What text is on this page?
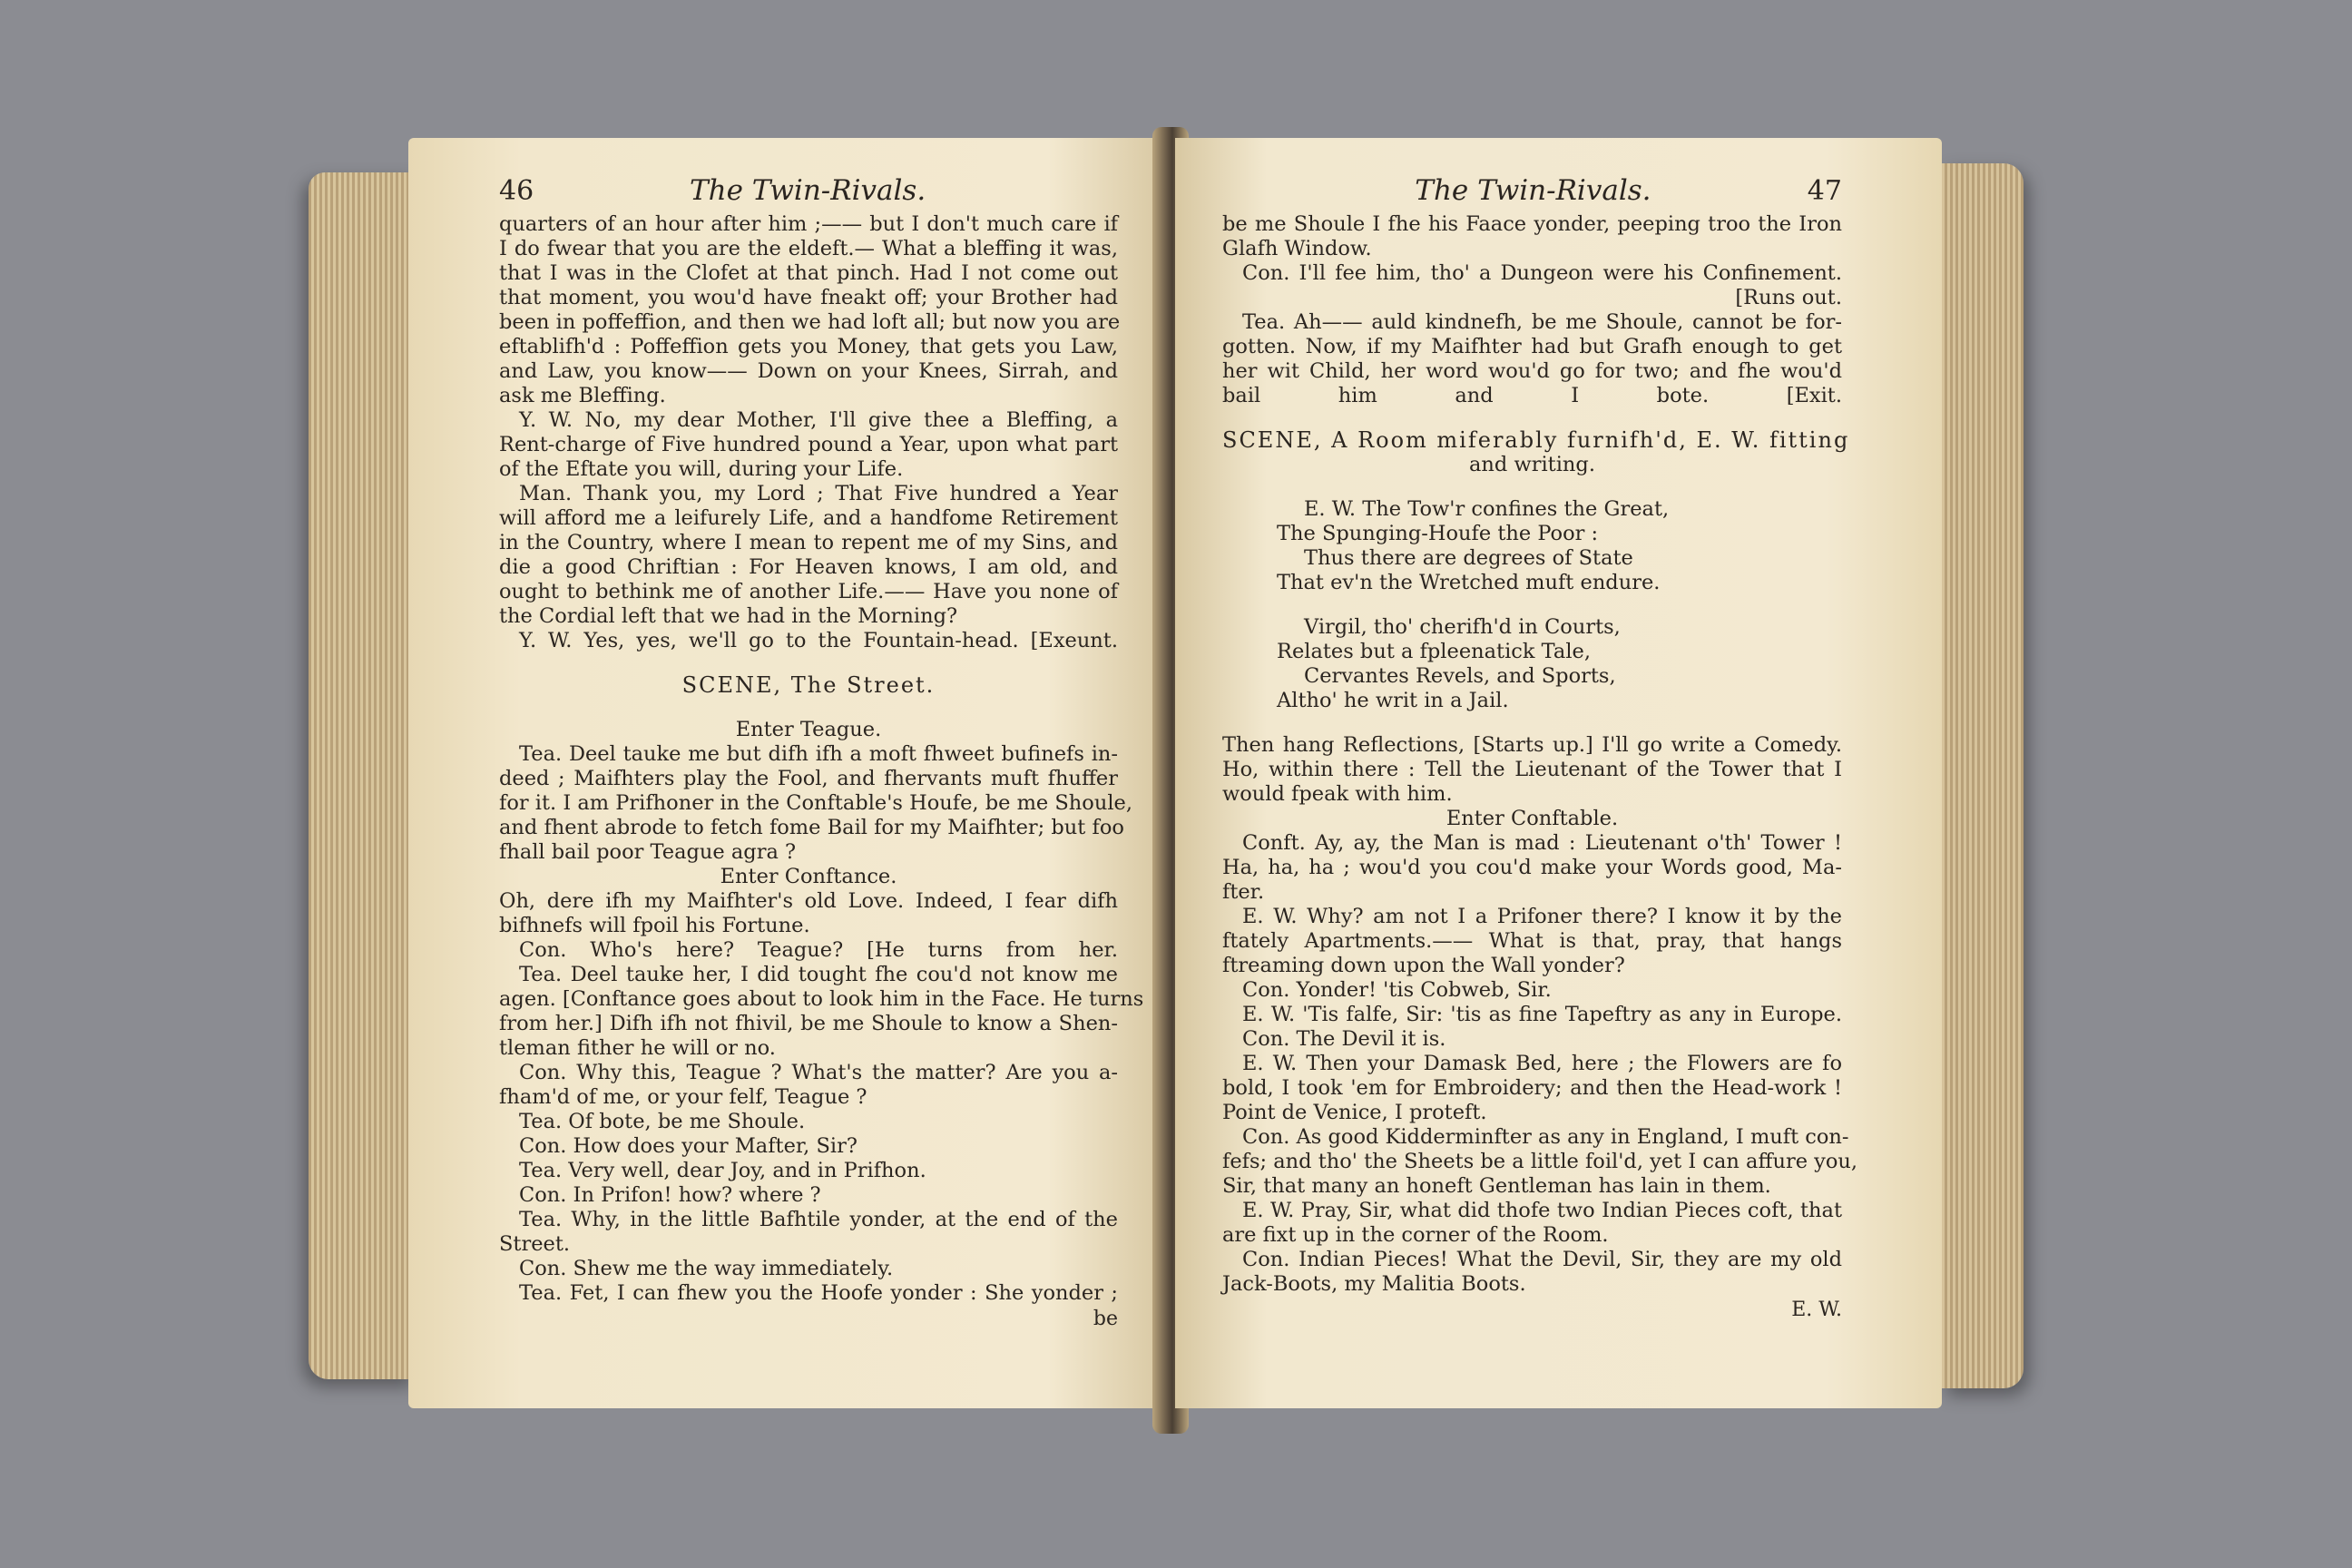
46	The Twin-Rivals.
quarters of an hour after him ;—— but I don't much care if
I do fwear that you are the eldeft.— What a bleffing it was,
that I was in the Clofet at that pinch. Had I not come out
that moment, you wou'd have fneakt off; your Brother had
been in poffeffion, and then we had loft all; but now you are
eftablifh'd : Poffeffion gets you Money, that gets you Law,
and Law, you know—— Down on your Knees, Sirrah, and
ask me Bleffing.
Y. W. No, my dear Mother, I'll give thee a Bleffing, a
Rent-charge of Five hundred pound a Year, upon what part
of the Eftate you will, during your Life.
Man. Thank you, my Lord ; That Five hundred a Year
will afford me a leifurely Life, and a handfome Retirement
in the Country, where I mean to repent me of my Sins, and
die a good Chriftian : For Heaven knows, I am old, and
ought to bethink me of another Life.—— Have you none of
the Cordial left that we had in the Morning?
Y. W. Yes, yes, we'll go to the Fountain-head. [Exeunt.
SCENE, The Street.
Enter Teague.
Tea. Deel tauke me but difh ifh a moft fhweet bufinefs in-
deed ; Maifhters play the Fool, and fhervants muft fhuffer
for it. I am Prifhoner in the Conftable's Houfe, be me Shoule,
and fhent abrode to fetch fome Bail for my Maifhter; but foo
fhall bail poor Teague agra ?
Enter Conftance.
Oh, dere ifh my Maifhter's old Love. Indeed, I fear difh
bifhnefs will fpoil his Fortune.
Con. Who's here? Teague? [He turns from her.
Tea. Deel tauke her, I did tought fhe cou'd not know me
agen. [Conftance goes about to look him in the Face. He turns
from her.] Difh ifh not fhivil, be me Shoule to know a Shen-
tleman fither he will or no.
Con. Why this, Teague ? What's the matter? Are you a-
fham'd of me, or your felf, Teague ?
Tea. Of bote, be me Shoule.
Con. How does your Mafter, Sir?
Tea. Very well, dear Joy, and in Prifhon.
Con. In Prifon! how? where ?
Tea. Why, in the little Bafhtile yonder, at the end of the
Street.
Con. Shew me the way immediately.
Tea. Fet, I can fhew you the Hoofe yonder : She yonder ;
be
The Twin-Rivals.	47
be me Shoule I fhe his Faace yonder, peeping troo the Iron
Glafh Window.
Con. I'll fee him, tho' a Dungeon were his Confinement.
[Runs out.
Tea. Ah—— auld kindnefh, be me Shoule, cannot be for-
gotten. Now, if my Maifhter had but Grafh enough to get
her wit Child, her word wou'd go for two; and fhe wou'd
bail him and I bote. [Exit.
SCENE, A Room miferably furnifh'd, E. W. fitting
and writing.
E. W. The Tow'r confines the Great,
The Spunging-Houfe the Poor :
Thus there are degrees of State
That ev'n the Wretched muft endure.
Virgil, tho' cherifh'd in Courts,
Relates but a fpleenatick Tale,
Cervantes Revels, and Sports,
Altho' he writ in a Jail.
Then hang Reflections, [Starts up.] I'll go write a Comedy.
Ho, within there : Tell the Lieutenant of the Tower that I
would fpeak with him.
Enter Conftable.
Conft. Ay, ay, the Man is mad : Lieutenant o'th' Tower !
Ha, ha, ha ; wou'd you cou'd make your Words good, Ma-
fter.
E. W. Why? am not I a Prifoner there? I know it by the
ftately Apartments.—— What is that, pray, that hangs
ftreaming down upon the Wall yonder?
Con. Yonder! 'tis Cobweb, Sir.
E. W. 'Tis falfe, Sir: 'tis as fine Tapeftry as any in Europe.
Con. The Devil it is.
E. W. Then your Damask Bed, here ; the Flowers are fo
bold, I took 'em for Embroidery; and then the Head-work !
Point de Venice, I proteft.
Con. As good Kidderminfter as any in England, I muft con-
fefs; and tho' the Sheets be a little foil'd, yet I can affure you,
Sir, that many an honeft Gentleman has lain in them.
E. W. Pray, Sir, what did thofe two Indian Pieces coft, that
are fixt up in the corner of the Room.
Con. Indian Pieces! What the Devil, Sir, they are my old
Jack-Boots, my Malitia Boots.
E. W.
